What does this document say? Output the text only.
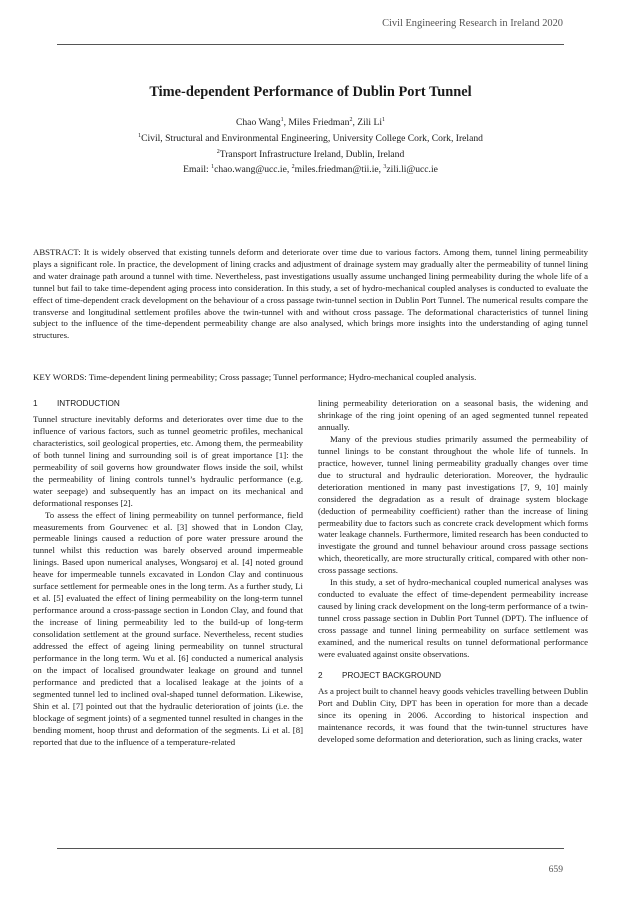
Civil Engineering Research in Ireland 2020
Time-dependent Performance of Dublin Port Tunnel
Chao Wang$^1$, Miles Friedman$^2$, Zili Li$^1$
$^1$Civil, Structural and Environmental Engineering, University College Cork, Cork, Ireland
$^2$Transport Infrastructure Ireland, Dublin, Ireland
Email: $^1$chao.wang@ucc.ie, $^2$miles.friedman@tii.ie, $^3$zili.li@ucc.ie
ABSTRACT: It is widely observed that existing tunnels deform and deteriorate over time due to various factors. Among them, tunnel lining permeability plays a significant role. In practice, the development of lining cracks and adjustment of drainage system may gradually alter the permeability of tunnel lining and water drainage path around a tunnel with time. Nevertheless, past investigations usually assume unchanged lining permeability during the whole life of a tunnel but fail to take time-dependent aging process into consideration. In this study, a set of hydro-mechanical coupled analyses is conducted to evaluate the effect of time-dependent crack development on the behaviour of a cross passage twin-tunnel section in Dublin Port Tunnel. The numerical results compare the transverse and longitudinal settlement profiles above the twin-tunnel with and without cross passage. The deformational characteristics of tunnel lining subject to the influence of the time-dependent permeability change are also analysed, which brings more insights into the understanding of aging tunnel structures.
KEY WORDS: Time-dependent lining permeability; Cross passage; Tunnel performance; Hydro-mechanical coupled analysis.
1 INTRODUCTION

Tunnel structure inevitably deforms and deteriorates over time due to the influence of various factors, such as tunnel geometric profiles, mechanical characteristics, soil geological properties, etc. Among them, the permeability of both tunnel lining and surrounding soil is of great importance [1]: the permeability of soil governs how groundwater flows inside the soil, whilst the permeability of lining controls tunnel’s hydraulic performance (e.g. water seepage) and subsequently has an impact on its mechanical and deformational responses [2].

To assess the effect of lining permeability on tunnel performance, field measurements from Gourvenec et al. [3] showed that in London Clay, permeable linings caused a reduction of pore water pressure around the tunnel whilst this reduction was barely observed around impermeable linings. Based upon numerical analyses, Wongsaroj et al. [4] noted ground heave for impermeable tunnels excavated in London Clay and continuous surface settlement for permeable ones in the long term. As a further study, Li et al. [5] evaluated the effect of lining permeability on the long-term tunnel performance around a cross-passage section in London Clay, and found that the increase of lining permeability led to the build-up of long-term consolidation settlement at the ground surface. Nevertheless, recent studies addressed the effect of ageing lining permeability on tunnel structural performance in the long term. Wu et al. [6] conducted a numerical analysis on the impact of localised groundwater leakage on ground and tunnel performance and predicted that a localised leakage at the joints of a segmented tunnel led to inclined oval-shaped tunnel deformation. Likewise, Shin et al. [7] pointed out that the hydraulic deterioration of joints (i.e. the blockage of segment joints) of a segmented tunnel resulted in changes in the bending moment, hoop thrust and deformation of the segments. Li et al. [8] reported that due to the influence of a temperature-related

lining permeability deterioration on a seasonal basis, the widening and shrinkage of the ring joint opening of an aged segmented tunnel repeated annually.

Many of the previous studies primarily assumed the permeability of tunnel linings to be constant throughout the whole life of tunnels. In practice, however, tunnel lining permeability gradually changes over time due to structural and hydraulic deterioration. Moreover, the hydraulic deterioration mentioned in many past investigations [7, 9, 10] mainly considered the degradation as a result of drainage system blockage (deduction of permeability coefficient) rather than the increase of lining permeability due to factors such as concrete crack development which forms water leakage channels. Furthermore, limited research has been conducted to investigate the ground and tunnel behaviour around cross passage sections which, theoretically, are more structurally critical, compared with other non-cross passage sections.

In this study, a set of hydro-mechanical coupled numerical analyses was conducted to evaluate the effect of time-dependent permeability increase caused by lining crack development on the long-term performance of a twin-tunnel cross passage section in Dublin Port Tunnel (DPT). The influence of cross passage and tunnel lining permeability on surface settlement was examined, and the numerical results on tunnel deformational performance were evaluated against onsite observations.

2 PROJECT BACKGROUND

As a project built to channel heavy goods vehicles travelling between Dublin Port and Dublin City, DPT has been in operation for more than a decade since its opening in 2006. According to historical inspection and maintenance records, it was found that the twin-tunnel structures have developed some deformation and deterioration, such as lining cracks, water

659
